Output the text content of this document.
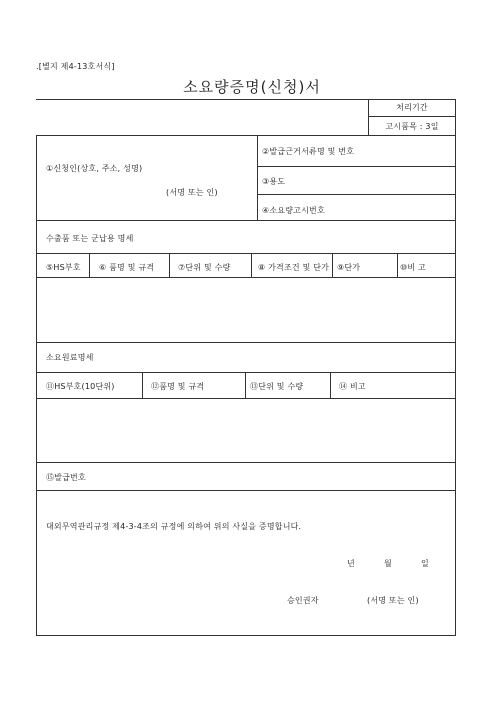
.[별지 제4-13호서식]
소요량증명(신청)서
처리기간
고시품목 : 3일
①신청인(상호, 주소, 성명)
(서명 또는 인)
②발급근거서류명 및 번호
③용도
④소요량고시번호
수출품 또는 군납용 명세
⑤HS부호 ⑥ 품명 및 규격	⑦단위 및 수량	⑧ 가격조건 및 단가 ⑨단가	⑩비 고
소요원료명세
⑪HS부호(10단위)	⑫품명 및 규격	⑬단위 및 수량	⑭ 비고
⑮발급번호
대외무역관리규정 제4-3-4조의 규정에 의하여 위의 사실을 증명합니다.
년	월	일
승인권자	(서명 또는 인)
